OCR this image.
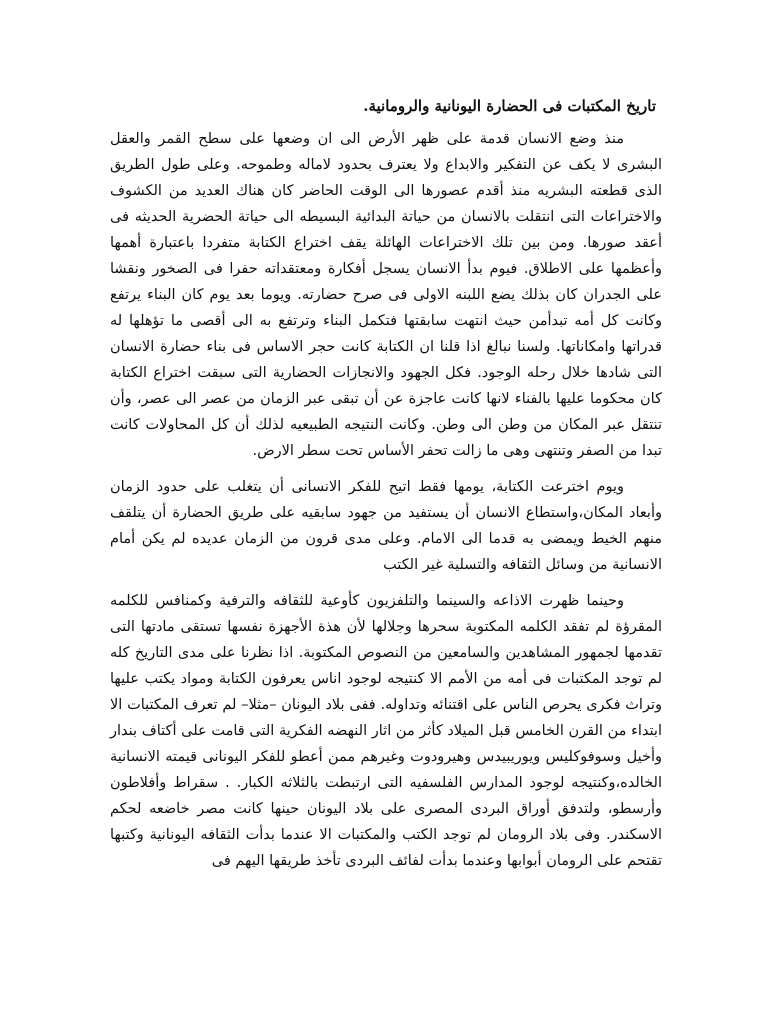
تاريخ المكتبات فى الحضارة اليونانية والرومانية.

منذ وضع الانسان قدمة على ظهر الأرض الى ان وضعها على سطح القمر والعقل البشرى لا يكف عن التفكير والابداع ولا يعترف بحدود لاماله وطموحه. وعلى طول الطريق الذى قطعته البشريه منذ أقدم عصورها الى الوقت الحاضر كان هناك العديد من الكشوف والاختراعات التى انتقلت بالانسان من حياتة البدائية البسيطه الى حياتة الحضرية الحديثه فى أعقد صورها. ومن بين تلك الاختراعات الهائلة يقف اختراع الكتابة متفردا باعتبارة أهمها وأعظمها على الاطلاق. فيوم بدأ الانسان يسجل أفكارة ومعتقداته حفرا فى الصخور ونقشا على الجدران كان بذلك يضع اللبنه الاولى فى صرح حضارته. ويوما بعد يوم كان البناء يرتفع وكانت كل أمه تبدأمن حيث انتهت سابقتها فتكمل البناء وترتفع به الى أقصى ما تؤهلها له قدراتها وامكاناتها. ولسنا نبالغ اذا قلنا ان الكتابة كانت حجر الاساس فى بناء حضارة الانسان التى شادها خلال رحله الوجود. فكل الجهود والانجازات الحضارية التى سبقت اختراع الكتابة كان محكوما عليها بالفناء لانها كانت عاجزة عن أن تبقى عبر الزمان من عصر الى عصر، وأن تنتقل عبر المكان من وطن الى وطن. وكانت النتيجه الطبيعيه لذلك أن كل المحاولات كانت تبدا من الصفر وتنتهى وهى ما زالت تحفر الأساس تحت سطر الارض.

ويوم اخترعت الكتابة، يومها فقط اتيح للفكر الانسانى أن يتغلب على حدود الزمان وأبعاد المكان،واستطاع الانسان أن يستفيد من جهود سابقيه على طريق الحضارة أن يتلقف منهم الخيط ويمضى به قدما الى الامام. وعلى مدى قرون من الزمان عديده لم يكن أمام الانسانية من وسائل الثقافه والتسلية غير الكتب

وحينما ظهرت الاذاعه والسينما والتلفزيون كأوعية للثقافه والترفية وكمنافس للكلمه المقرؤة لم تفقد الكلمه المكتوبة سحرها وجلالها لأن هذة الأجهزة نفسها تستقى مادتها التى تقدمها لجمهور المشاهدين والسامعين من النصوص المكتوبة. اذا نظرنا على مدى التاريخ كله لم توجد المكتبات فى أمه من الأمم الا كنتيجه لوجود اناس يعرفون الكتابة ومواد يكتب عليها وتراث فكرى يحرص الناس على اقتنائه وتداوله. ففى بلاد اليونان –مثلا– لم تعرف المكتبات الا ابتداء من القرن الخامس قبل الميلاد كأثر من اثار النهضه الفكرية التى قامت على أكتاف بندار وأخيل وسوفوكليس ويوريبيدس وهيرودوت وغيرهم ممن أعطو للفكر اليونانى قيمته الانسانية الخالده،وكنتيجه لوجود المدارس الفلسفيه التى ارتبطت بالثلاثه الكبار. . سقراط وأفلاطون وأرسطو، ولتدفق أوراق البردى المصرى على بلاد اليونان حينها كانت مصر خاضعه لحكم الاسكندر. وفى بلاد الرومان لم توجد الكتب والمكتبات الا عندما بدأت الثقافه اليونانية وكتبها تقتحم على الرومان أبوابها وعندما بدأت لفائف البردى تأخذ طريقها اليهم فى
